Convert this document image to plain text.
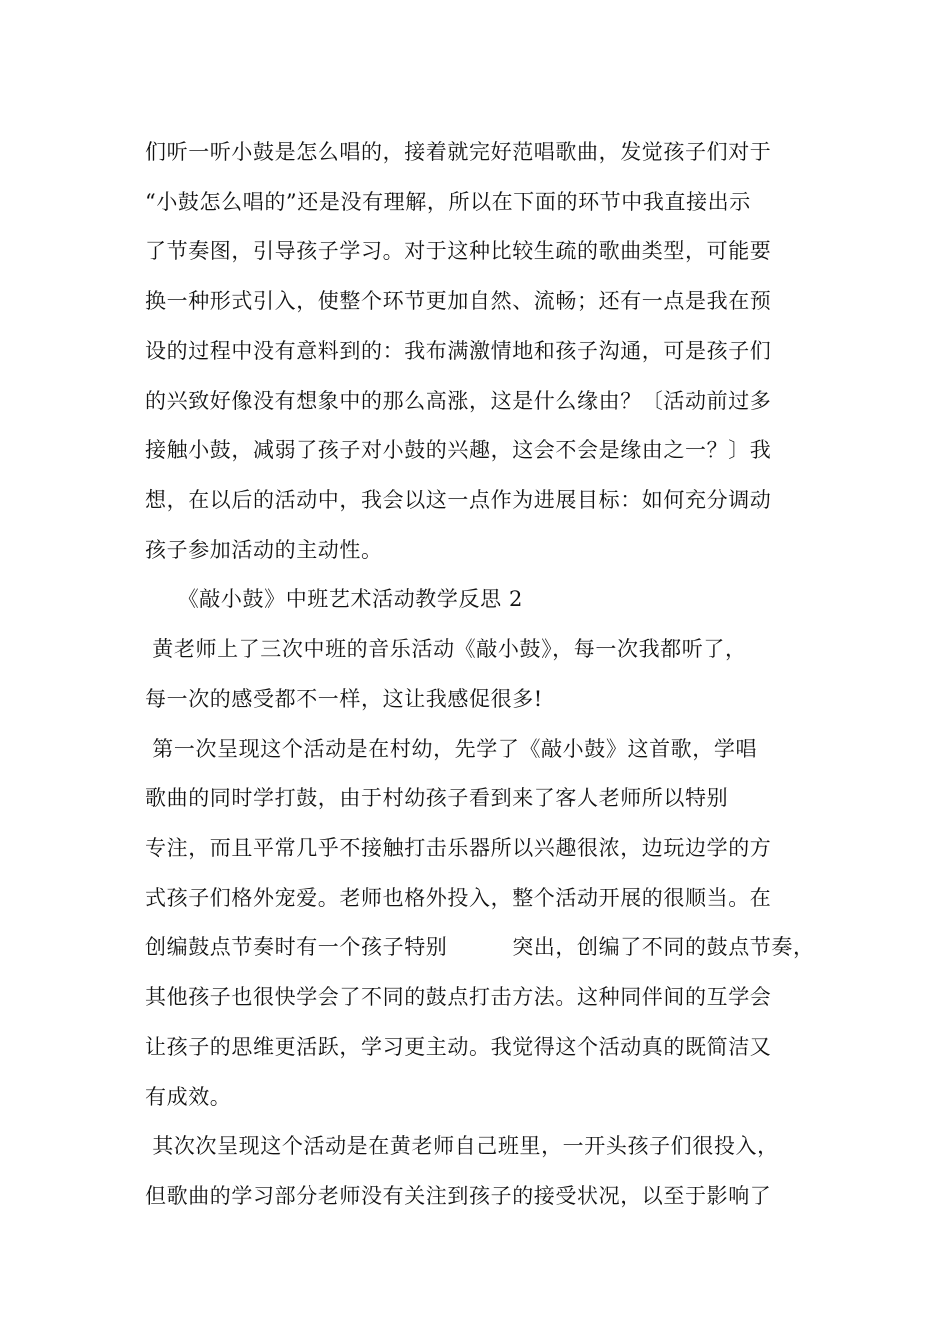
们听一听小鼓是怎么唱的，接着就完好范唱歌曲，发觉孩子们对于
“小鼓怎么唱的”还是没有理解，所以在下面的环节中我直接出示
了节奏图，引导孩子学习。对于这种比较生疏的歌曲类型，可能要
换一种形式引入，使整个环节更加自然、流畅；还有一点是我在预
设的过程中没有意料到的：我布满激情地和孩子沟通，可是孩子们
的兴致好像没有想象中的那么高涨，这是什么缘由？〔活动前过多
接触小鼓，减弱了孩子对小鼓的兴趣，这会不会是缘由之一？〕我
想，在以后的活动中，我会以这一点作为进展目标：如何充分调动
孩子参加活动的主动性。
　　《敲小鼓》中班艺术活动教学反思 2
黄老师上了三次中班的音乐活动《敲小鼓》，每一次我都听了，
每一次的感受都不一样，这让我感促很多!
第一次呈现这个活动是在村幼，先学了《敲小鼓》这首歌，学唱
歌曲的同时学打鼓，由于村幼孩子看到来了客人老师所以特别
专注，而且平常几乎不接触打击乐器所以兴趣很浓，边玩边学的方
式孩子们格外宠爱。老师也格外投入，整个活动开展的很顺当。在
创编鼓点节奏时有一个孩子特别　　　突出，创编了不同的鼓点节奏，
其他孩子也很快学会了不同的鼓点打击方法。这种同伴间的互学会
让孩子的思维更活跃，学习更主动。我觉得这个活动真的既简洁又
有成效。
其次次呈现这个活动是在黄老师自己班里，一开头孩子们很投入，
但歌曲的学习部分老师没有关注到孩子的接受状况，以至于影响了
